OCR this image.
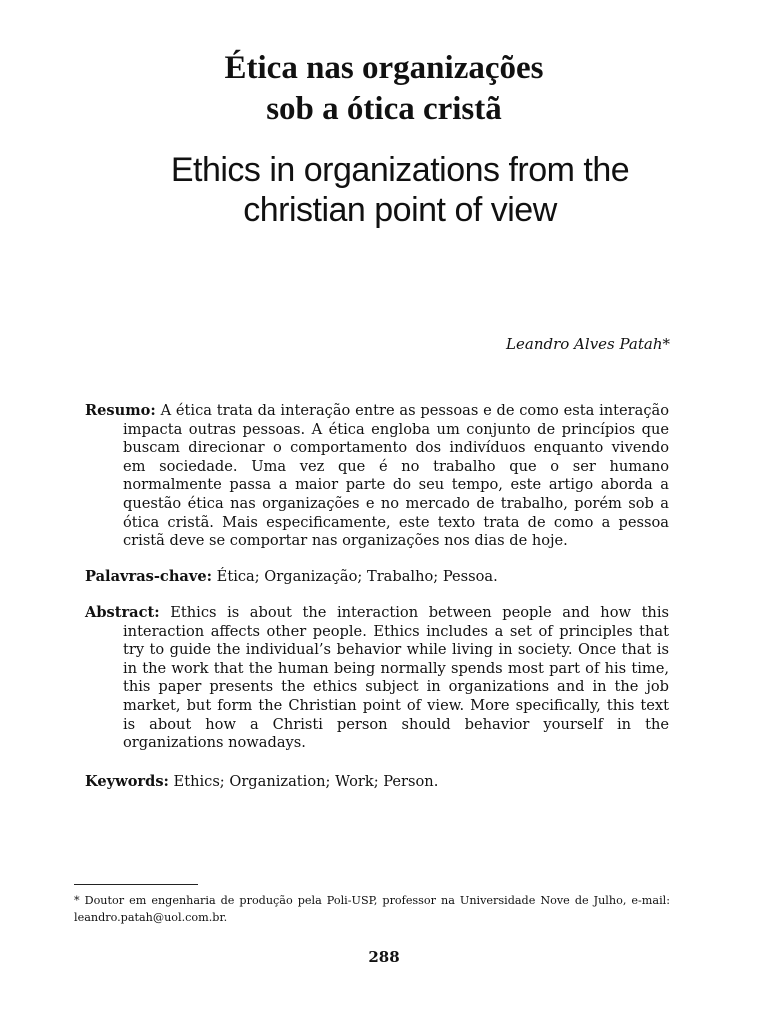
Ética nas organizações
sob a ótica cristã
Ethics in organizations from the
christian point of view
Leandro Alves Patah*
Resumo: A ética trata da interação entre as pessoas e de como esta interação impacta outras pessoas. A ética engloba um conjunto de princípios que buscam direcionar o comportamento dos indivíduos enquanto vivendo em sociedade. Uma vez que é no trabalho que o ser humano normalmente passa a maior parte do seu tempo, este artigo aborda a questão ética nas organizações e no mercado de trabalho, porém sob a ótica cristã. Mais especificamente, este texto trata de como a pessoa cristã deve se comportar nas organizações nos dias de hoje.
Palavras-chave: Ética; Organização; Trabalho; Pessoa.
Abstract: Ethics is about the interaction between people and how this interaction affects other people. Ethics includes a set of principles that try to guide the individual’s behavior while living in society. Once that is in the work that the human being normally spends most part of his time, this paper presents the ethics subject in organizations and in the job market, but form the Christian point of view. More specifically, this text is about how a Christi person should behavior yourself in the organizations nowadays.
Keywords: Ethics; Organization; Work; Person.
* Doutor em engenharia de produção pela Poli-USP, professor na Universidade Nove de Julho, e-mail: leandro.patah@uol.com.br.
288
